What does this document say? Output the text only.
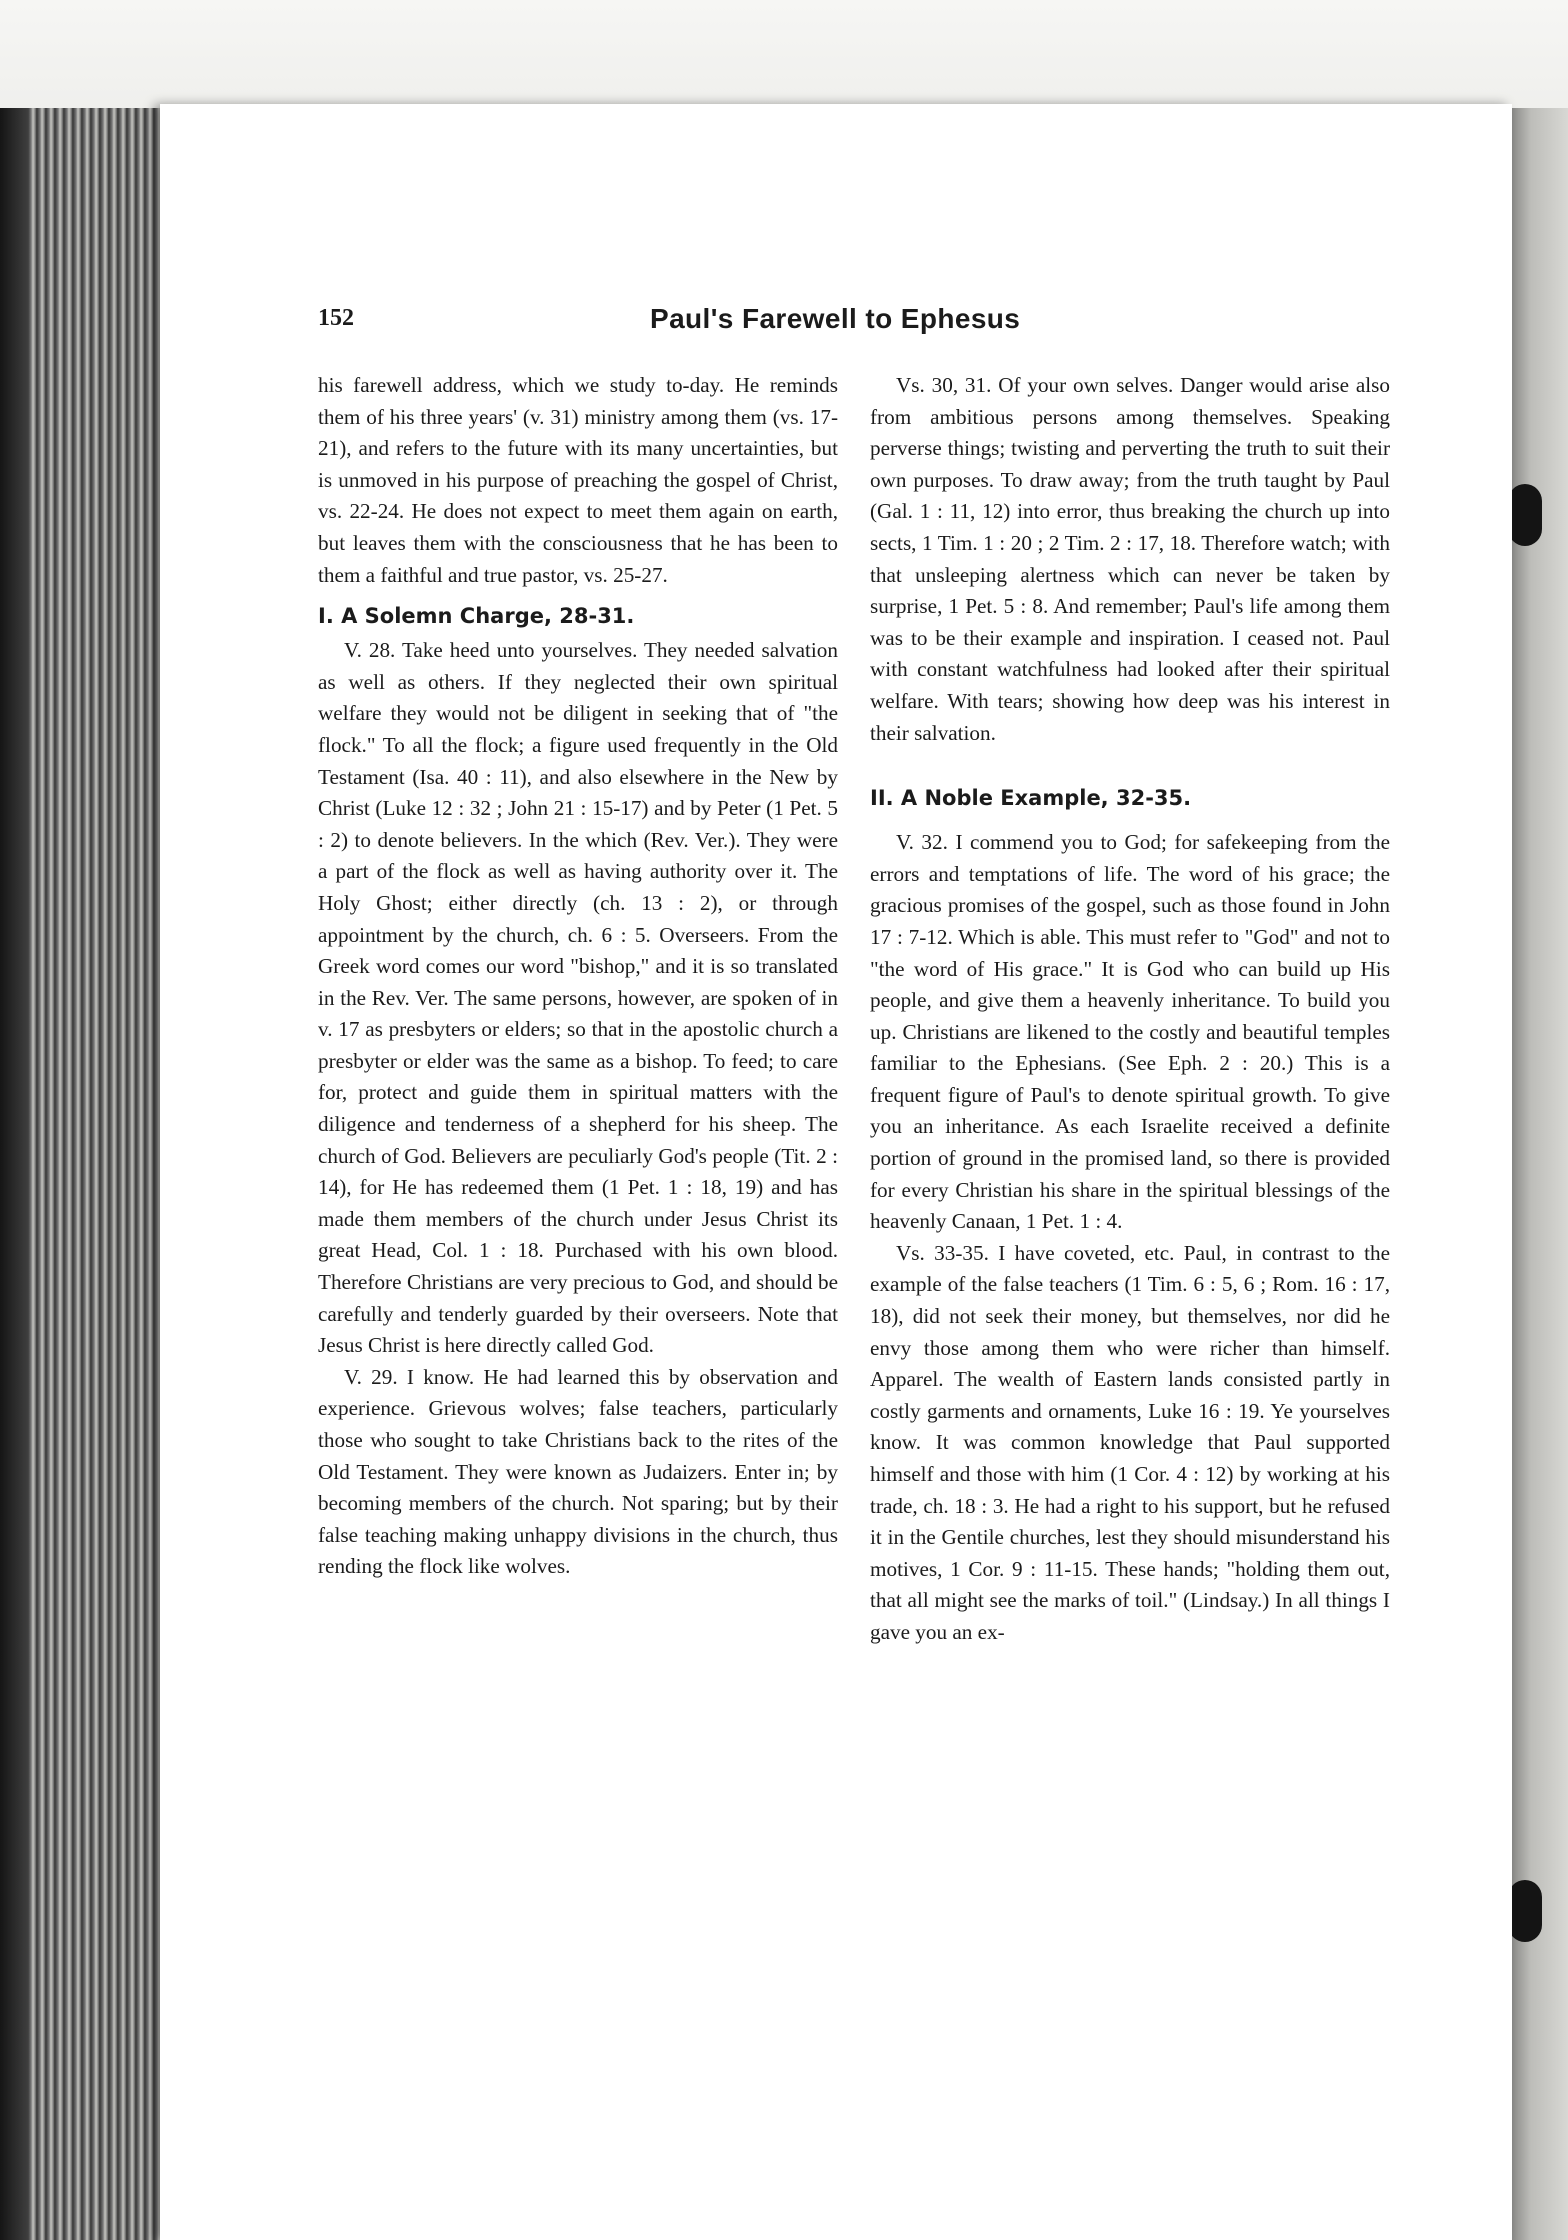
152	Paul's Farewell to Ephesus

his farewell address, which we study to-day. He reminds them of his three years' (v. 31) ministry among them (vs. 17-21), and refers to the future with its many uncertainties, but is unmoved in his purpose of preaching the gospel of Christ, vs. 22-24. He does not expect to meet them again on earth, but leaves them with the consciousness that he has been to them a faithful and true pastor, vs. 25-27.

I. A Solemn Charge, 28-31.

V. 28. Take heed unto yourselves. They needed salvation as well as others. If they neglected their own spiritual welfare they would not be diligent in seeking that of "the flock." To all the flock; a figure used frequently in the Old Testament (Isa. 40 : 11), and also elsewhere in the New by Christ (Luke 12 : 32 ; John 21 : 15-17) and by Peter (1 Pet. 5 : 2) to denote believers. In the which (Rev. Ver.). They were a part of the flock as well as having authority over it. The Holy Ghost; either directly (ch. 13 : 2), or through appointment by the church, ch. 6 : 5. Overseers. From the Greek word comes our word "bishop," and it is so translated in the Rev. Ver. The same persons, however, are spoken of in v. 17 as presbyters or elders; so that in the apostolic church a presbyter or elder was the same as a bishop. To feed; to care for, protect and guide them in spiritual matters with the diligence and tenderness of a shepherd for his sheep. The church of God. Believers are peculiarly God's people (Tit. 2 : 14), for He has redeemed them (1 Pet. 1 : 18, 19) and has made them members of the church under Jesus Christ its great Head, Col. 1 : 18. Purchased with his own blood. Therefore Christians are very precious to God, and should be carefully and tenderly guarded by their overseers. Note that Jesus Christ is here directly called God.

V. 29. I know. He had learned this by observation and experience. Grievous wolves; false teachers, particularly those who sought to take Christians back to the rites of the Old Testament. They were known as Judaizers. Enter in; by becoming members of the church. Not sparing; but by their false teaching making unhappy divisions in the church, thus rending the flock like wolves.

Vs. 30, 31. Of your own selves. Danger would arise also from ambitious persons among themselves. Speaking perverse things; twisting and perverting the truth to suit their own purposes. To draw away; from the truth taught by Paul (Gal. 1 : 11, 12) into error, thus breaking the church up into sects, 1 Tim. 1 : 20 ; 2 Tim. 2 : 17, 18. Therefore watch; with that unsleeping alertness which can never be taken by surprise, 1 Pet. 5 : 8. And remember; Paul's life among them was to be their example and inspiration. I ceased not. Paul with constant watchfulness had looked after their spiritual welfare. With tears; showing how deep was his interest in their salvation.

II. A Noble Example, 32-35.

V. 32. I commend you to God; for safekeeping from the errors and temptations of life. The word of his grace; the gracious promises of the gospel, such as those found in John 17 : 7-12. Which is able. This must refer to "God" and not to "the word of His grace." It is God who can build up His people, and give them a heavenly inheritance. To build you up. Christians are likened to the costly and beautiful temples familiar to the Ephesians. (See Eph. 2 : 20.) This is a frequent figure of Paul's to denote spiritual growth. To give you an inheritance. As each Israelite received a definite portion of ground in the promised land, so there is provided for every Christian his share in the spiritual blessings of the heavenly Canaan, 1 Pet. 1 : 4.

Vs. 33-35. I have coveted, etc. Paul, in contrast to the example of the false teachers (1 Tim. 6 : 5, 6 ; Rom. 16 : 17, 18), did not seek their money, but themselves, nor did he envy those among them who were richer than himself. Apparel. The wealth of Eastern lands consisted partly in costly garments and ornaments, Luke 16 : 19. Ye yourselves know. It was common knowledge that Paul supported himself and those with him (1 Cor. 4 : 12) by working at his trade, ch. 18 : 3. He had a right to his support, but he refused it in the Gentile churches, lest they should misunderstand his motives, 1 Cor. 9 : 11-15. These hands; "holding them out, that all might see the marks of toil." (Lindsay.) In all things I gave you an ex-
